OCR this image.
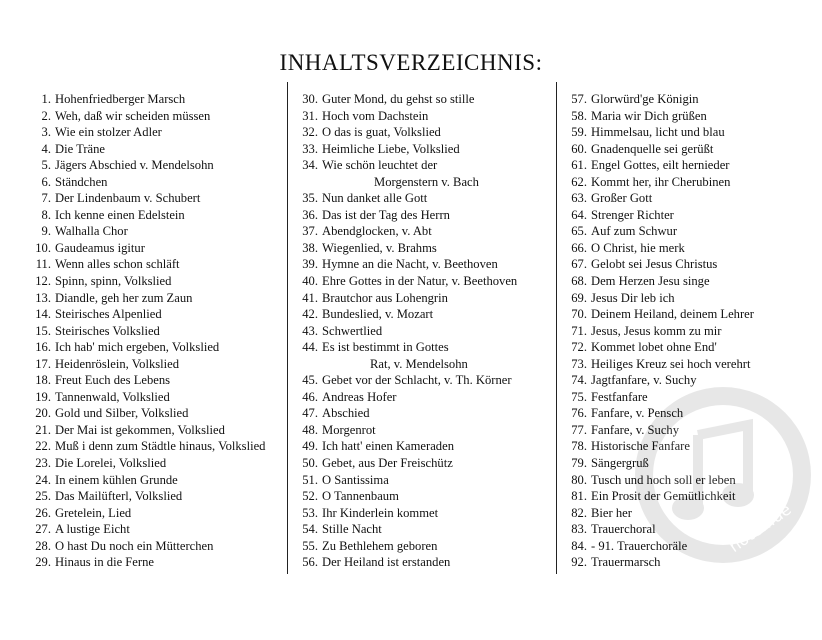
INHALTSVERZEICHNIS:
1. Hohenfriedberger Marsch
2. Weh, daß wir scheiden müssen
3. Wie ein stolzer Adler
4. Die Träne
5. Jägers Abschied v. Mendelsohn
6. Ständchen
7. Der Lindenbaum v. Schubert
8. Ich kenne einen Edelstein
9. Walhalla Chor
10. Gaudeamus igitur
11. Wenn alles schon schläft
12. Spinn, spinn, Volkslied
13. Diandle, geh her zum Zaun
14. Steirisches Alpenlied
15. Steirisches Volkslied
16. Ich hab' mich ergeben, Volkslied
17. Heidenröslein, Volkslied
18. Freut Euch des Lebens
19. Tannenwald, Volkslied
20. Gold und Silber, Volkslied
21. Der Mai ist gekommen, Volkslied
22. Muß i denn zum Städtle hinaus, Volkslied
23. Die Lorelei, Volkslied
24. In einem kühlen Grunde
25. Das Mailüfterl, Volkslied
26. Gretelein, Lied
27. A lustige Eicht
28. O hast Du noch ein Mütterchen
29. Hinaus in die Ferne
30. Guter Mond, du gehst so stille
31. Hoch vom Dachstein
32. O das is guat, Volkslied
33. Heimliche Liebe, Volkslied
34. Wie schön leuchtet der
Morgenstern v. Bach
35. Nun danket alle Gott
36. Das ist der Tag des Herrn
37. Abendglocken, v. Abt
38. Wiegenlied, v. Brahms
39. Hymne an die Nacht, v. Beethoven
40. Ehre Gottes in der Natur, v. Beethoven
41. Brautchor aus Lohengrin
42. Bundeslied, v. Mozart
43. Schwertlied
44. Es ist bestimmt in Gottes
Rat, v. Mendelsohn
45. Gebet vor der Schlacht, v. Th. Körner
46. Andreas Hofer
47. Abschied
48. Morgenrot
49. Ich hatt' einen Kameraden
50. Gebet, aus Der Freischütz
51. O Santissima
52. O Tannenbaum
53. Ihr Kinderlein kommet
54. Stille Nacht
55. Zu Bethlehem geboren
56. Der Heiland ist erstanden
57. Glorwürd'ge Königin
58. Maria wir Dich grüßen
59. Himmelsau, licht und blau
60. Gnadenquelle sei gerüßt
61. Engel Gottes, eilt hernieder
62. Kommt her, ihr Cherubinen
63. Großer Gott
64. Strenger Richter
65. Auf zum Schwur
66. O Christ, hie merk
67. Gelobt sei Jesus Christus
68. Dem Herzen Jesu singe
69. Jesus Dir leb ich
70. Deinem Heiland, deinem Lehrer
71. Jesus, Jesus komm zu mir
72. Kommet lobet ohne End'
73. Heiliges Kreuz sei hoch verehrt
74. Jagtfanfare, v. Suchy
75. Festfanfare
76. Fanfare, v. Pensch
77. Fanfare, v. Suchy
78. Historische Fanfare
79. Sängergruß
80. Tusch und hoch soll er leben
81. Ein Prosit der Gemütlichkeit
82. Bier her
83. Trauerchoral
84. - 91. Trauerchoräle
92. Trauermarsch
noten.de
